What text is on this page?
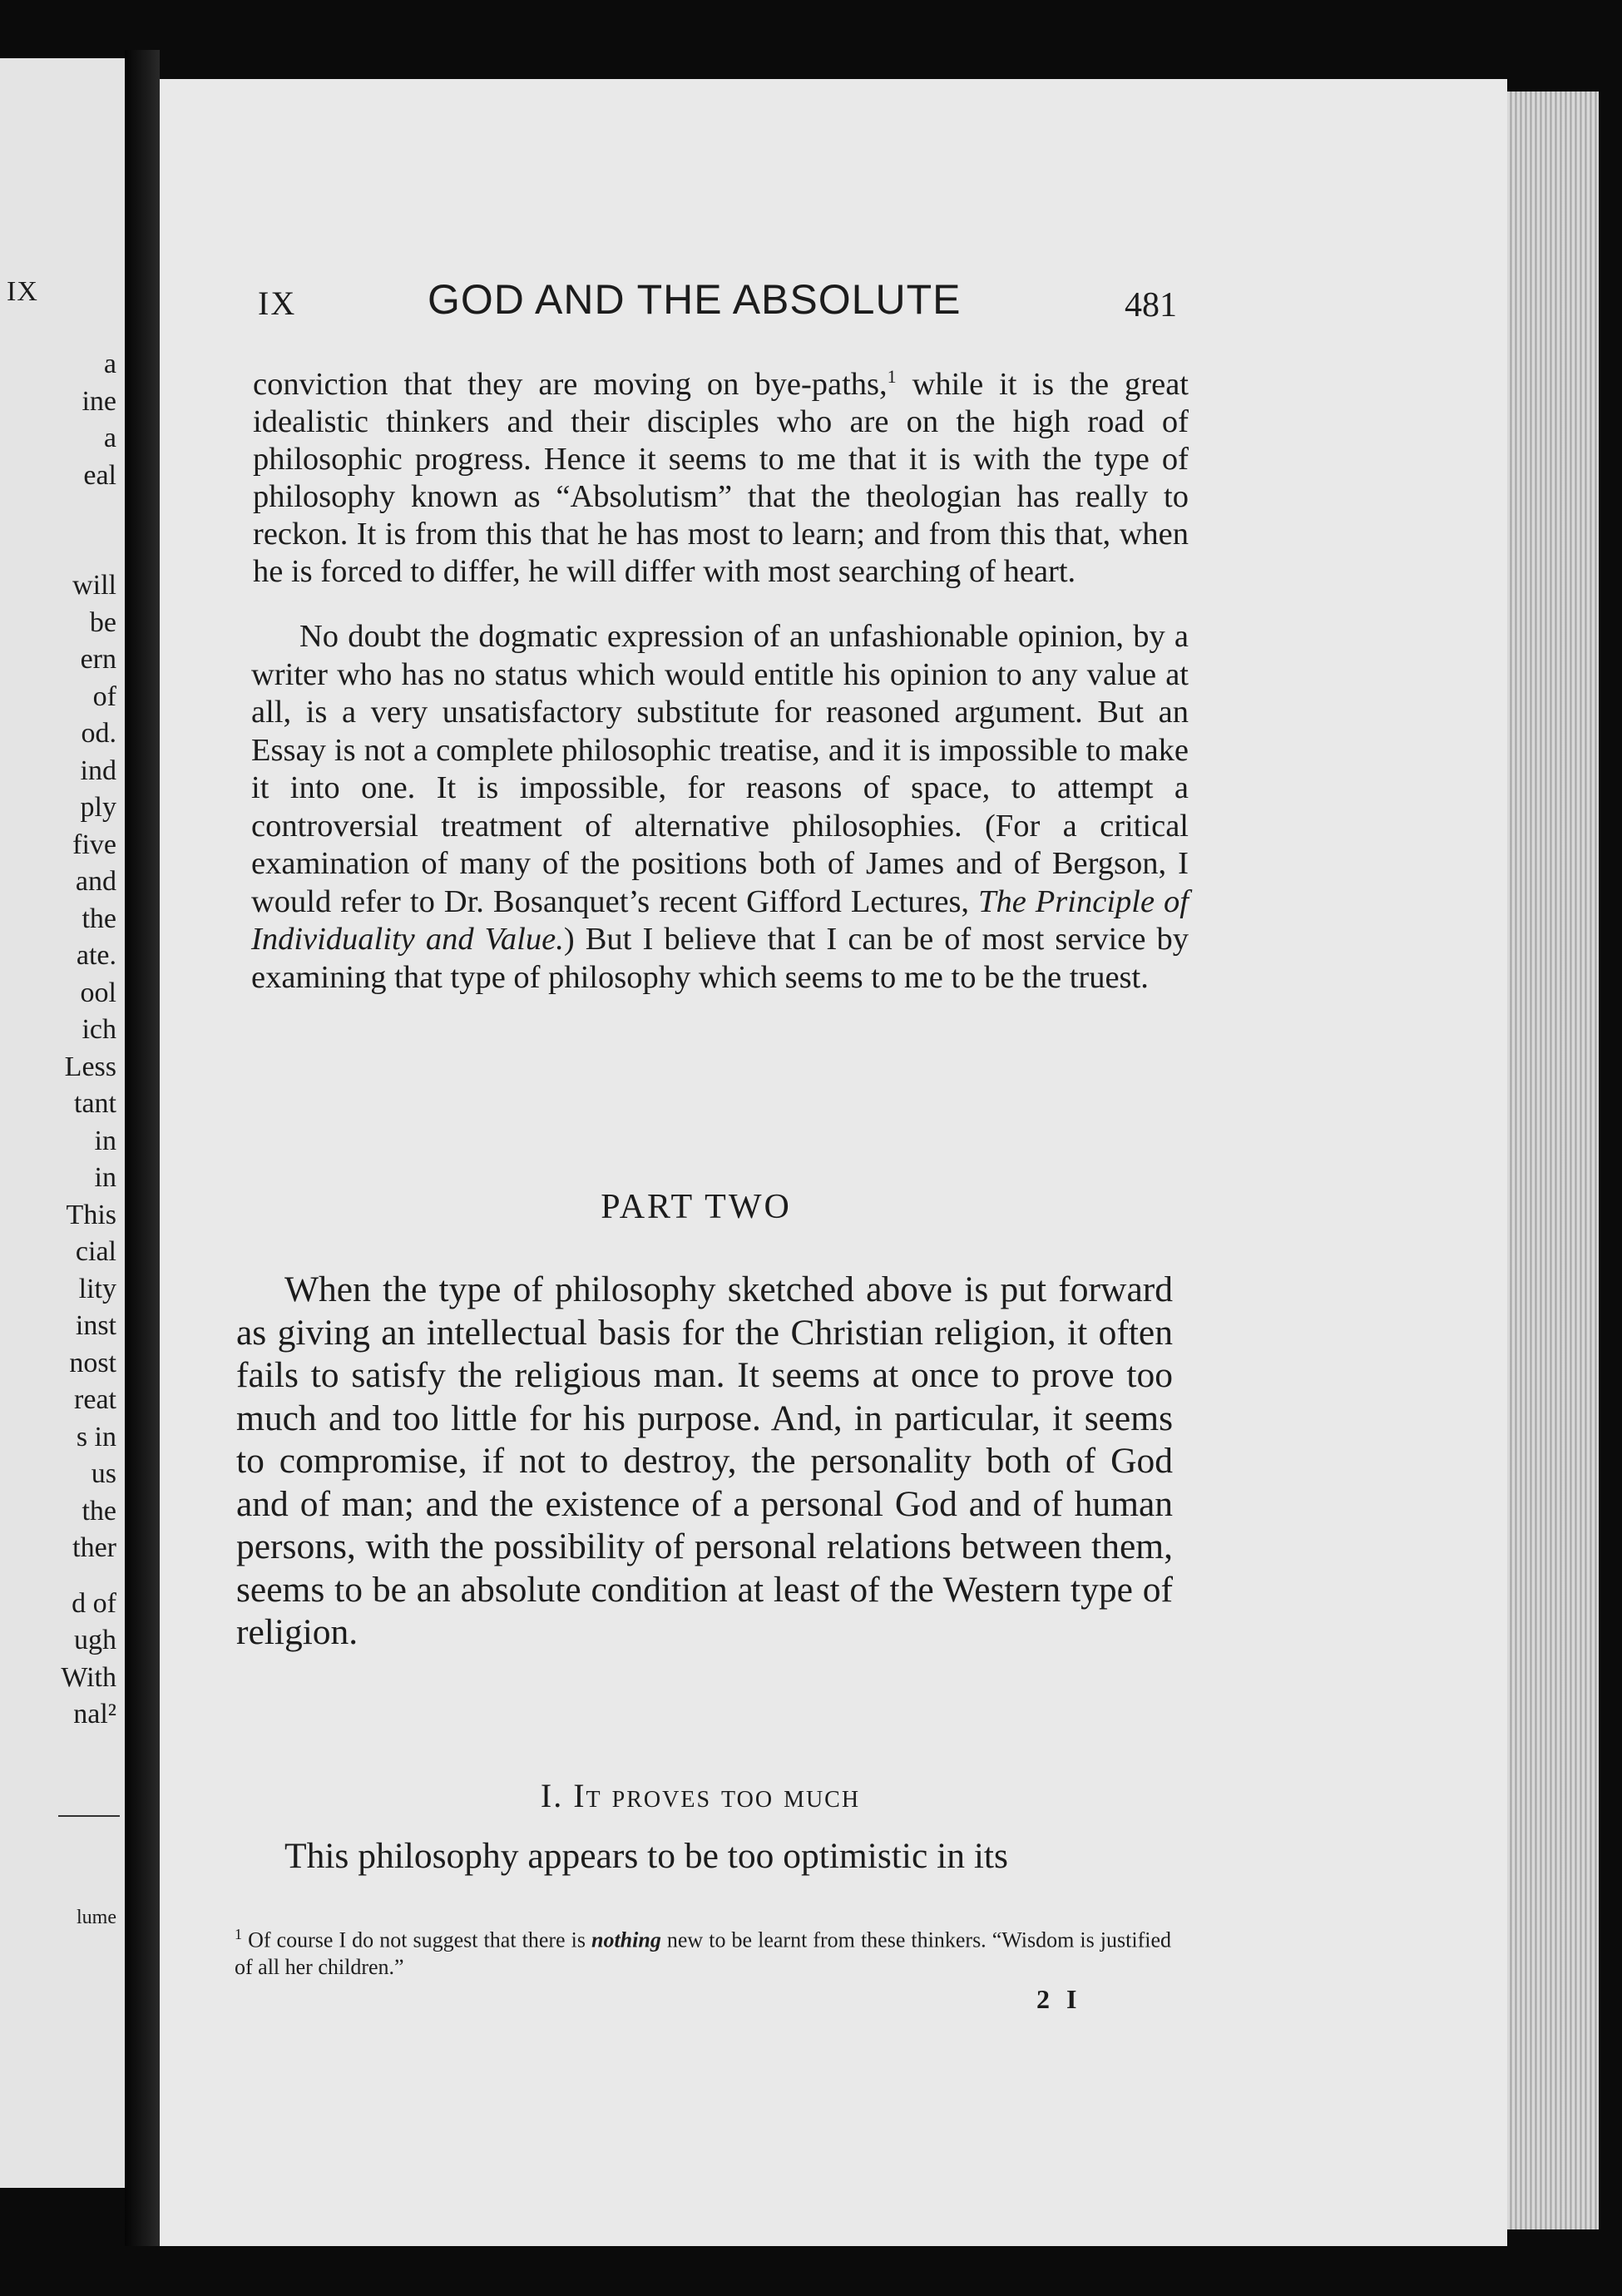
IX
a
ine
a
eal
will
be
ern
of
od.
ind
ply
five
and
the
ate.
ool
ich
Less
tant
in
in
This
cial
lity
inst
nost
reat
s in
us
the
ther
d of
ugh
With
nal²
lume
IX	GOD AND THE ABSOLUTE	481

conviction that they are moving on bye-paths,$^1$ while it is the great idealistic thinkers and their disciples who are on the high road of philosophic progress. Hence it seems to me that it is with the type of philosophy known as “Absolutism” that the theologian has really to reckon. It is from this that he has most to learn; and from this that, when he is forced to differ, he will differ with most searching of heart.

No doubt the dogmatic expression of an unfashionable opinion, by a writer who has no status which would entitle his opinion to any value at all, is a very unsatisfactory substitute for reasoned argument. But an Essay is not a complete philosophic treatise, and it is impossible to make it into one. It is impossible, for reasons of space, to attempt a controversial treatment of alternative philosophies. (For a critical examination of many of the positions both of James and of Bergson, I would refer to Dr. Bosanquet’s recent Gifford Lectures, The Principle of Individuality and Value.) But I believe that I can be of most service by examining that type of philosophy which seems to me to be the truest.

PART TWO

When the type of philosophy sketched above is put forward as giving an intellectual basis for the Christian religion, it often fails to satisfy the religious man. It seems at once to prove too much and too little for his purpose. And, in particular, it seems to compromise, if not to destroy, the personality both of God and of man; and the existence of a personal God and of human persons, with the possibility of personal relations between them, seems to be an absolute condition at least of the Western type of religion.

I. It proves too much

This philosophy appears to be too optimistic in its

$^1$ Of course I do not suggest that there is nothing new to be learnt from these thinkers. “Wisdom is justified of all her children.”
2 I
